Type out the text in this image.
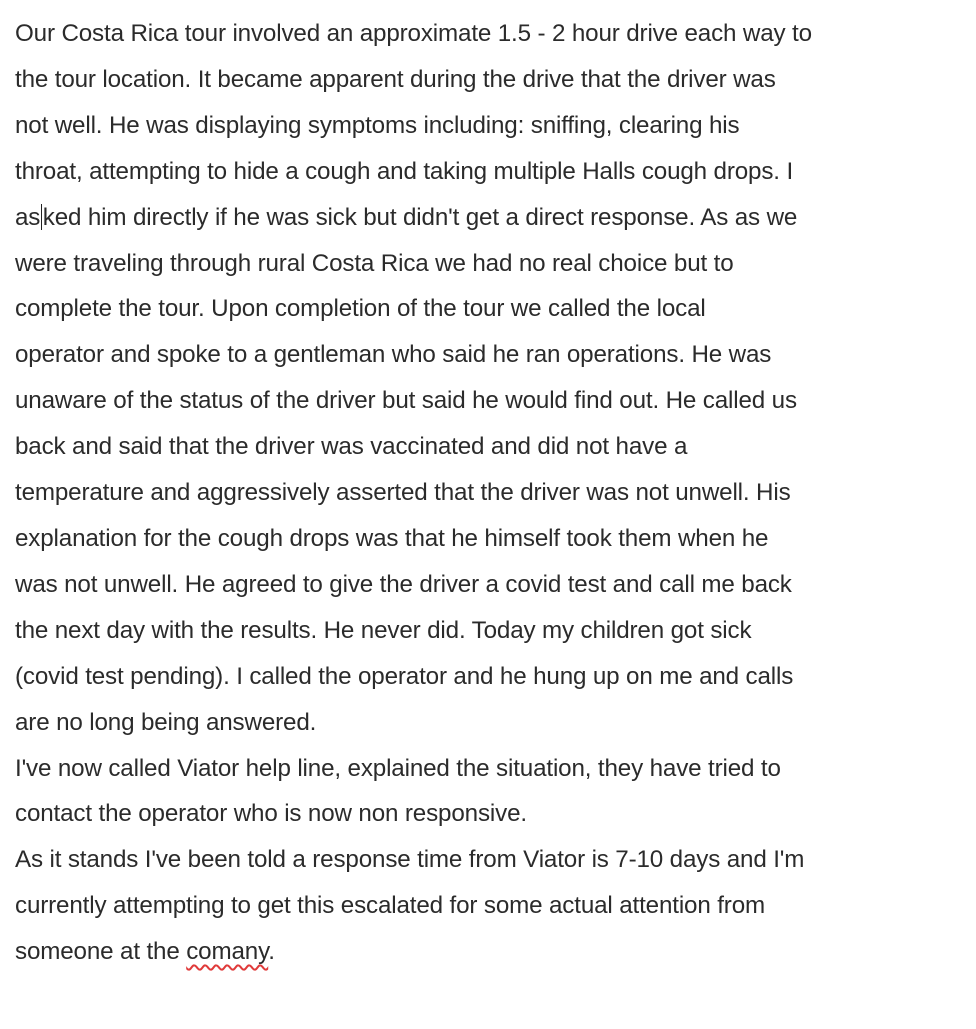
Our Costa Rica tour involved an approximate 1.5 - 2 hour drive each way to
the tour location. It became apparent during the drive that the driver was
not well. He was displaying symptoms including: sniffing, clearing his
throat, attempting to hide a cough and taking multiple Halls cough drops. I
as ked him directly if he was sick but didn't get a direct response. As as we
were traveling through rural Costa Rica we had no real choice but to
complete the tour. Upon completion of the tour we called the local
operator and spoke to a gentleman who said he ran operations. He was
unaware of the status of the driver but said he would find out. He called us
back and said that the driver was vaccinated and did not have a
temperature and aggressively asserted that the driver was not unwell. His
explanation for the cough drops was that he himself took them when he
was not unwell. He agreed to give the driver a covid test and call me back
the next day with the results. He never did. Today my children got sick
(covid test pending). I called the operator and he hung up on me and calls
are no long being answered.
I've now called Viator help line, explained the situation, they have tried to
contact the operator who is now non responsive.
As it stands I've been told a response time from Viator is 7-10 days and I'm
currently attempting to get this escalated for some actual attention from
someone at the comany.
